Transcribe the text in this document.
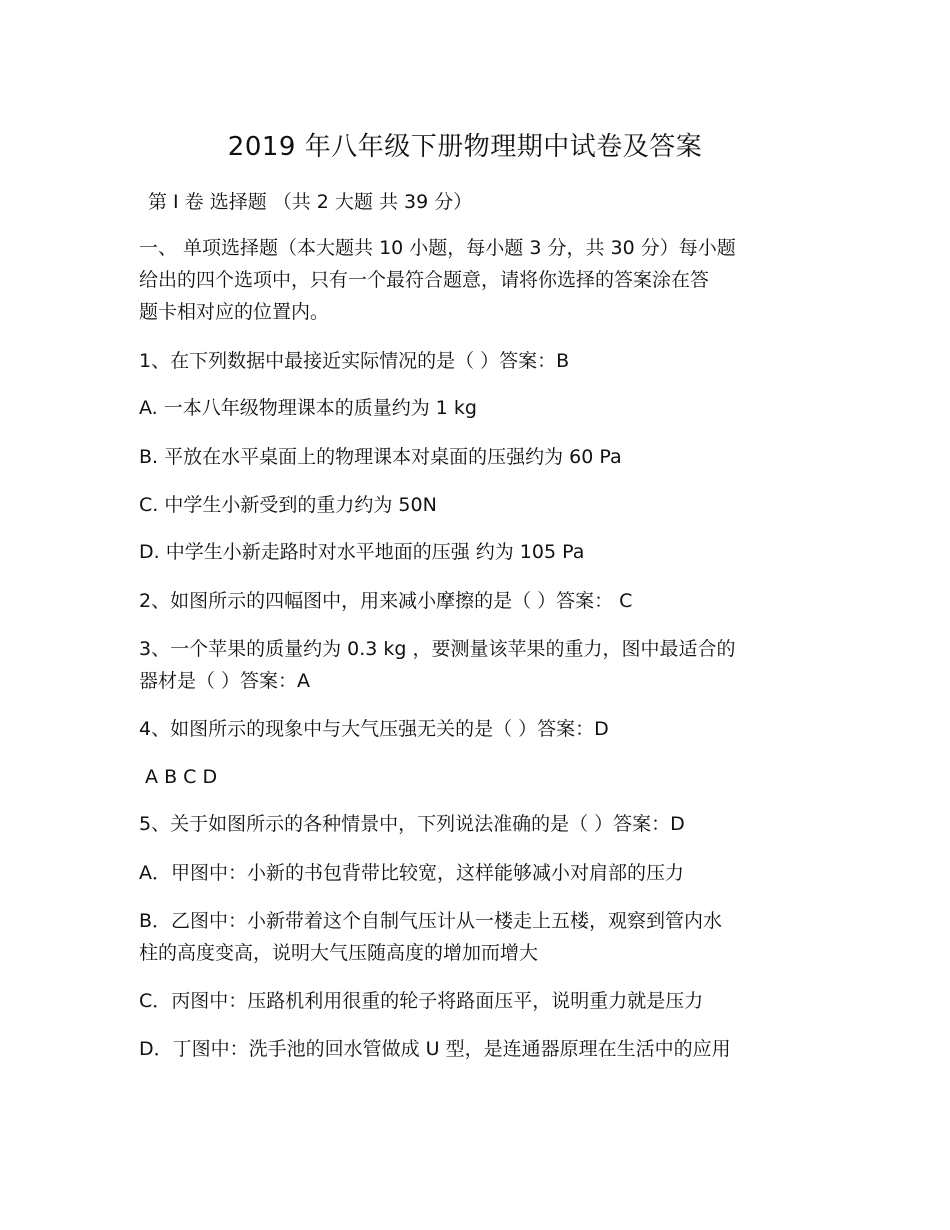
2019 年八年级下册物理期中试卷及答案
第 Ⅰ 卷 选择题 （共 2 大题 共 39 分）
一、 单项选择题（本大题共 10 小题，每小题 3 分，共 30 分）每小题
给出的四个选项中，只有一个最符合题意，请将你选择的答案涂在答
题卡相对应的位置内。
1、在下列数据中最接近实际情况的是（ ）答案：B
A. 一本八年级物理课本的质量约为 1 kg
B. 平放在水平桌面上的物理课本对桌面的压强约为 60 Pa
C. 中学生小新受到的重力约为 50N
D. 中学生小新走路时对水平地面的压强 约为 105 Pa
2、如图所示的四幅图中，用来减小摩擦的是（ ）答案： C
3、一个苹果的质量约为 0.3 kg ，要测量该苹果的重力，图中最适合的
器材是（ ）答案：A
4、如图所示的现象中与大气压强无关的是（ ）答案：D
A B C D
5、关于如图所示的各种情景中，下列说法准确的是（ ）答案：D
A．甲图中：小新的书包背带比较宽，这样能够减小对肩部的压力
B．乙图中：小新带着这个自制气压计从一楼走上五楼，观察到管内水
柱的高度变高，说明大气压随高度的增加而增大
C．丙图中：压路机利用很重的轮子将路面压平，说明重力就是压力
D．丁图中：洗手池的回水管做成 U 型，是连通器原理在生活中的应用
